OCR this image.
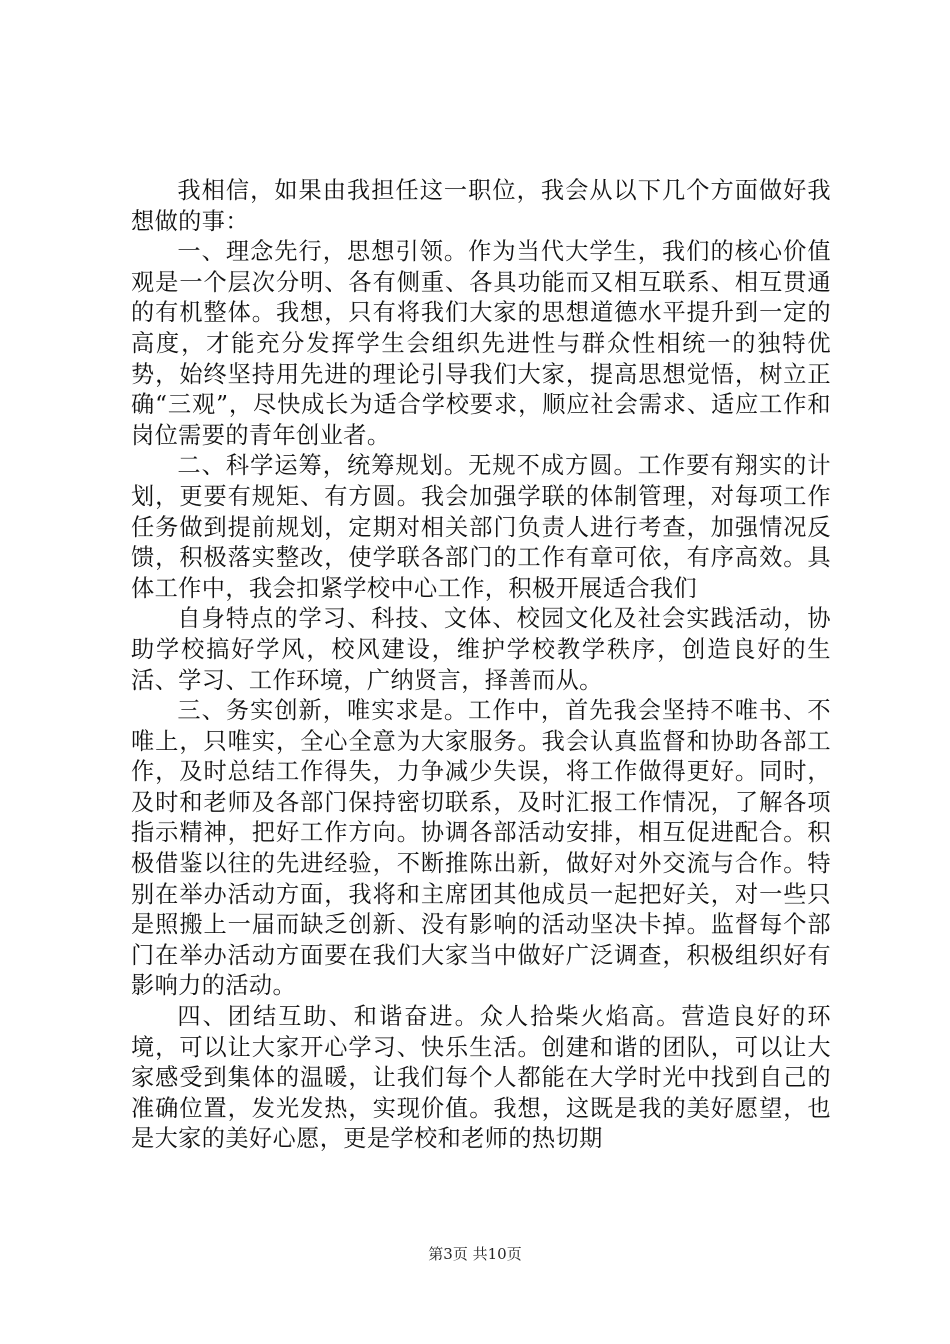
我相信，如果由我担任这一职位，我会从以下几个方面做好我想做的事：

一、理念先行，思想引领。作为当代大学生，我们的核心价值观是一个层次分明、各有侧重、各具功能而又相互联系、相互贯通的有机整体。我想，只有将我们大家的思想道德水平提升到一定的高度，才能充分发挥学生会组织先进性与群众性相统一的独特优势，始终坚持用先进的理论引导我们大家，提高思想觉悟，树立正确“三观”，尽快成长为适合学校要求，顺应社会需求、适应工作和岗位需要的青年创业者。

二、科学运筹，统筹规划。无规不成方圆。工作要有翔实的计划，更要有规矩、有方圆。我会加强学联的体制管理，对每项工作任务做到提前规划，定期对相关部门负责人进行考查，加强情况反馈，积极落实整改，使学联各部门的工作有章可依，有序高效。具体工作中，我会扣紧学校中心工作，积极开展适合我们

自身特点的学习、科技、文体、校园文化及社会实践活动，协助学校搞好学风，校风建设，维护学校教学秩序，创造良好的生活、学习、工作环境，广纳贤言，择善而从。

三、务实创新，唯实求是。工作中，首先我会坚持不唯书、不唯上，只唯实，全心全意为大家服务。我会认真监督和协助各部工作，及时总结工作得失，力争减少失误，将工作做得更好。同时，及时和老师及各部门保持密切联系，及时汇报工作情况，了解各项指示精神，把好工作方向。协调各部活动安排，相互促进配合。积极借鉴以往的先进经验，不断推陈出新，做好对外交流与合作。特别在举办活动方面，我将和主席团其他成员一起把好关，对一些只是照搬上一届而缺乏创新、没有影响的活动坚决卡掉。监督每个部门在举办活动方面要在我们大家当中做好广泛调查，积极组织好有影响力的活动。

四、团结互助、和谐奋进。众人拾柴火焰高。营造良好的环境，可以让大家开心学习、快乐生活。创建和谐的团队，可以让大家感受到集体的温暖，让我们每个人都能在大学时光中找到自己的准确位置，发光发热，实现价值。我想，这既是我的美好愿望，也是大家的美好心愿，更是学校和老师的热切期

第3页 共10页
